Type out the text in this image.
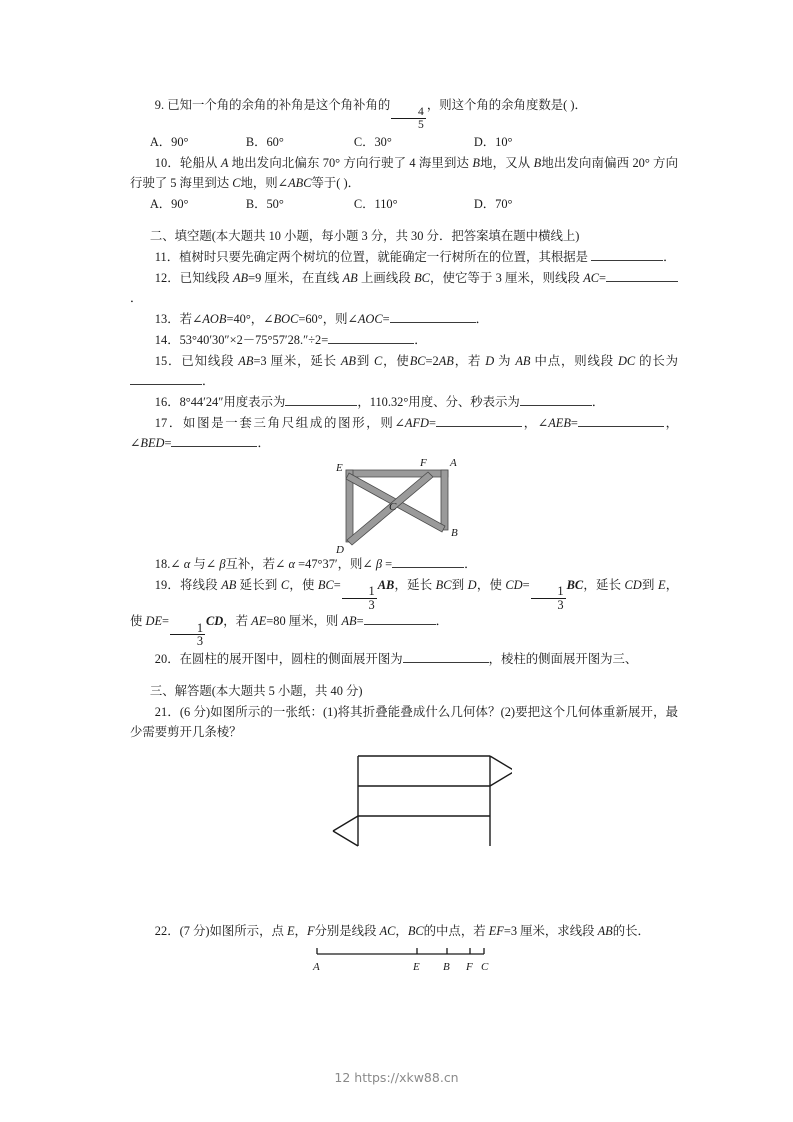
9. 已知一个角的余角的补角是这个角补角的
$\frac{4}{5}$
，则这个角的余角度数是( )．

A．90°	B．60°	C．30°	D．10°

10．轮船从 A 地出发向北偏东 70° 方向行驶了 4 海里到达 B地，又从 B地出发向南偏西 20° 方向行驶了 5 海里到达 C地，则∠ABC等于( )．

A．90°	B．50°	C．110°	D．70°

二、填空题(本大题共 10 小题，每小题 3 分，共 30 分．把答案填在题中横线上)

11．植树时只要先确定两个树坑的位置，就能确定一行树所在的位置，其根据是	．

12．已知线段 AB=9 厘米，在直线 AB 上画线段 BC，使它等于 3 厘米，则线段 AC=．

13．若∠AOB=40°，∠BOC=60°，则∠AOC=	．

14．53°40′30″×2－75°57′28.″÷2=	．

15．已知线段 AB=3 厘米，延长 AB到 C，使BC=2AB，若 D 为 AB 中点，则线段 DC 的长为．

16．8°44′24″用度表示为	，110.32°用度、分、秒表示为	．

17．如图是一套三角尺组成的图形，则∠AFD=	，∠AEB=	，∠BED=	．

E	F A
C
B
D

18.∠ α 与∠ β互补，若∠ α =47°37′，则∠ β =	．

19．将线段 AB 延长到 C，使 BC=
$\frac{1}{3}$
AB，延长 BC到 D，使 CD=
$\frac{1}{3}$
BC，延长 CD到 E，使 DE=
$\frac{1}{3}$
CD，若 AE=80 厘米，则 AB=	．

20．在圆柱的展开图中，圆柱的侧面展开图为	，棱柱的侧面展开图为三、

三、解答题(本大题共 5 小题，共 40 分)

21．(6 分)如图所示的一张纸：(1)将其折叠能叠成什么几何体？(2)要把这个几何体重新展开，最少需要剪开几条棱？

22．(7 分)如图所示，点 E，F分别是线段 AC，BC的中点，若 EF=3 厘米，求线段 AB的长．

A	E B F C
12 https://xkw88.cn
